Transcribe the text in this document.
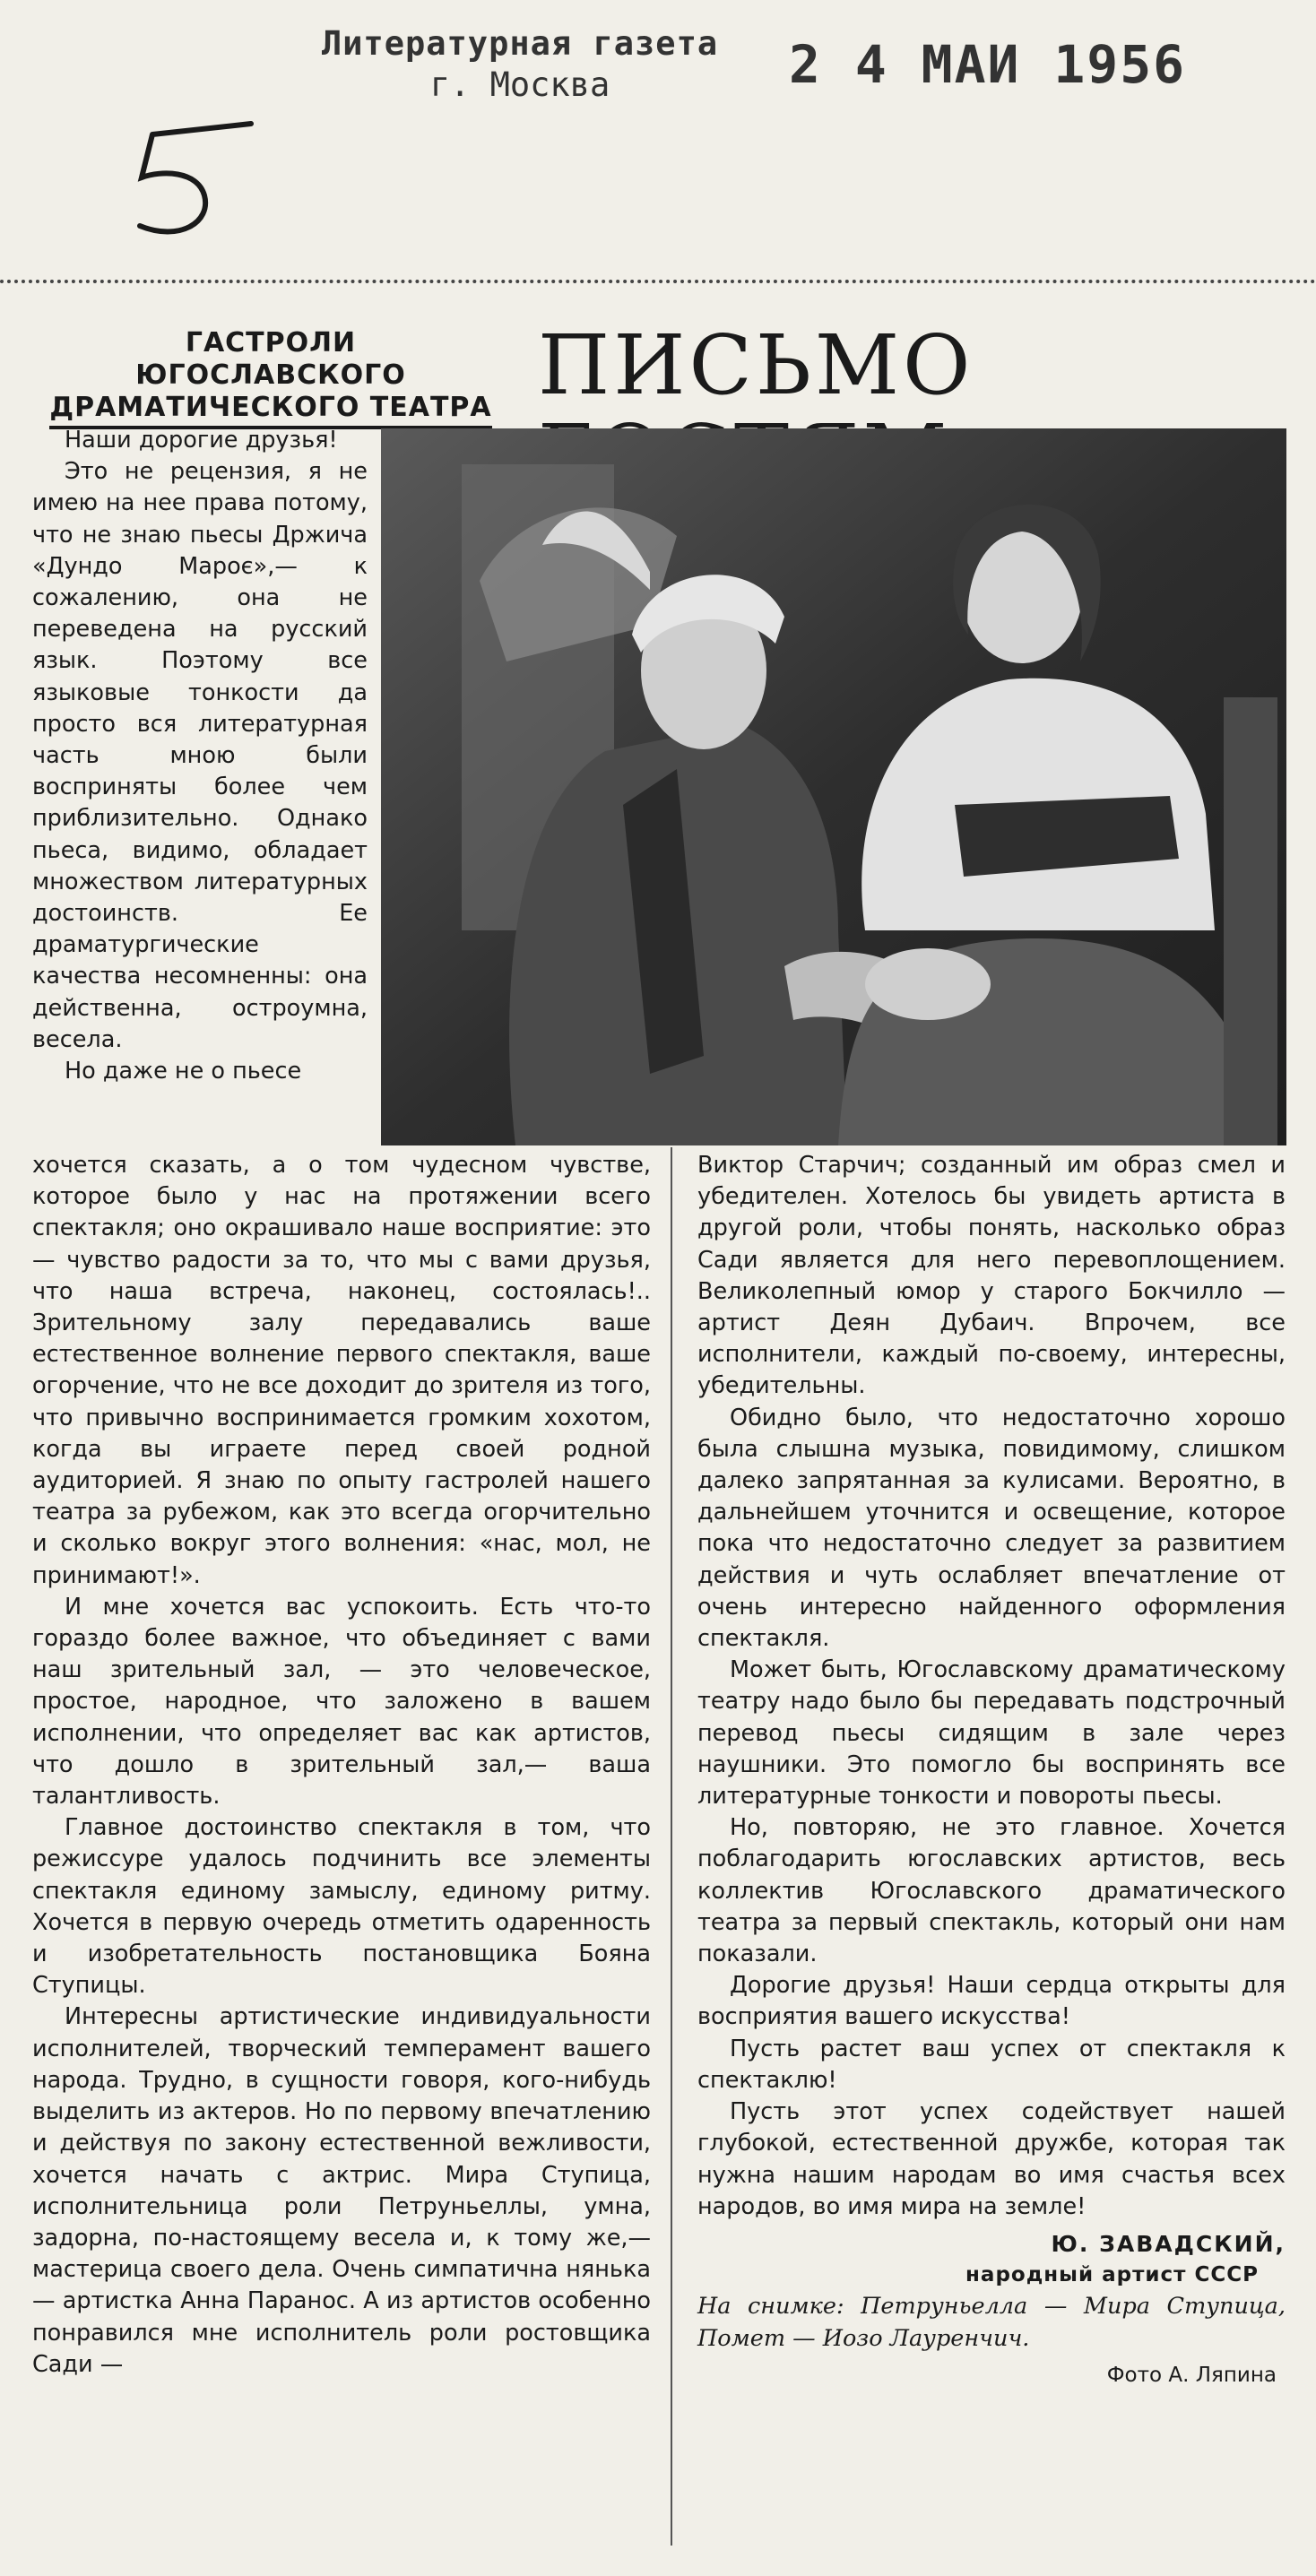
Литературная газета
г. Москва	2 4 МАИ 1956
ГАСТРОЛИ ЮГОСЛАВСКОГО
ДРАМАТИЧЕСКОГО ТЕАТРА ПИСЬМО

Наши дорогие друзья!

Это не рецензия, я не имею на нее права потому, что не знаю пьесы Држича «Дундо Мароє»,— к сожалению, она не переведена на русский язык. Поэтому все языковые тонкости да просто вся литературная часть мною были восприняты более чем приблизительно. Однако пьеса, видимо, обладает множеством литературных достоинств. Ее драматургические качества несомненны: она действенна, остроумна, весела.

Но даже не о пьесе

хочется сказать, а о том чудесном чувстве, которое было у нас на протяжении всего спектакля; оно окрашивало наше восприятие: это — чувство радости за то, что мы с вами друзья, что наша встреча, наконец, состоялась!.. Зрительному залу передавались ваше естественное волнение первого спектакля, ваше огорчение, что не все доходит до зрителя из того, что привычно воспринимается громким хохотом, когда вы играете перед своей родной аудиторией. Я знаю по опыту гастролей нашего театра за рубежом, как это всегда огорчительно и сколько вокруг этого волнения: «нас, мол, не принимают!».

И мне хочется вас успокоить. Есть что-то гораздо более важное, что объединяет с вами наш зрительный зал, — это человеческое, простое, народное, что заложено в вашем исполнении, что определяет вас как артистов, что дошло в зрительный зал,— ваша талантливость.

Главное достоинство спектакля в том, что режиссуре удалось подчинить все элементы спектакля единому замыслу, единому ритму. Хочется в первую очередь отметить одаренность и изобретательность постановщика Бояна Ступицы.

Интересны артистические индивидуальности исполнителей, творческий темперамент вашего народа. Трудно, в сущности говоря, кого-нибудь выделить из актеров. Но по первому впечатлению и действуя по закону естественной вежливости, хочется начать с актрис. Мира Ступица, исполнительница роли Петруньеллы, умна, задорна, по-настоящему весела и, к тому же,— мастерица своего дела. Очень симпатична нянька — артистка Анна Паранос. А из артистов особенно понравился мне исполнитель роли ростовщика Сади —

Виктор Старчич; созданный им образ смел и убедителен. Хотелось бы увидеть артиста в другой роли, чтобы понять, насколько образ Сади является для него перевоплощением. Великолепный юмор у старого Бокчилло — артист Деян Дубаич. Впрочем, все исполнители, каждый по-своему, интересны, убедительны.

Обидно было, что недостаточно хорошо была слышна музыка, повидимому, слишком далеко запрятанная за кулисами. Вероятно, в дальнейшем уточнится и освещение, которое пока что недостаточно следует за развитием действия и чуть ослабляет впечатление от очень интересно найденного оформления спектакля.

Может быть, Югославскому драматическому театру надо было бы передавать подстрочный перевод пьесы сидящим в зале через наушники. Это помогло бы воспринять все литературные тонкости и повороты пьесы.

Но, повторяю, не это главное. Хочется поблагодарить югославских артистов, весь коллектив Югославского драматического театра за первый спектакль, который они нам показали.

Дорогие друзья! Наши сердца открыты для восприятия вашего искусства!

Пусть растет ваш успех от спектакля к спектаклю!

Пусть этот успех содействует нашей глубокой, естественной дружбе, которая так нужна нашим народам во имя счастья всех народов, во имя мира на земле!

Ю. ЗАВАДСКИЙ,
народный артист СССР

На снимке: Петруньелла — Мира Ступица, Помет — Иозо Лауренчич.

Фото А. Ляпина
